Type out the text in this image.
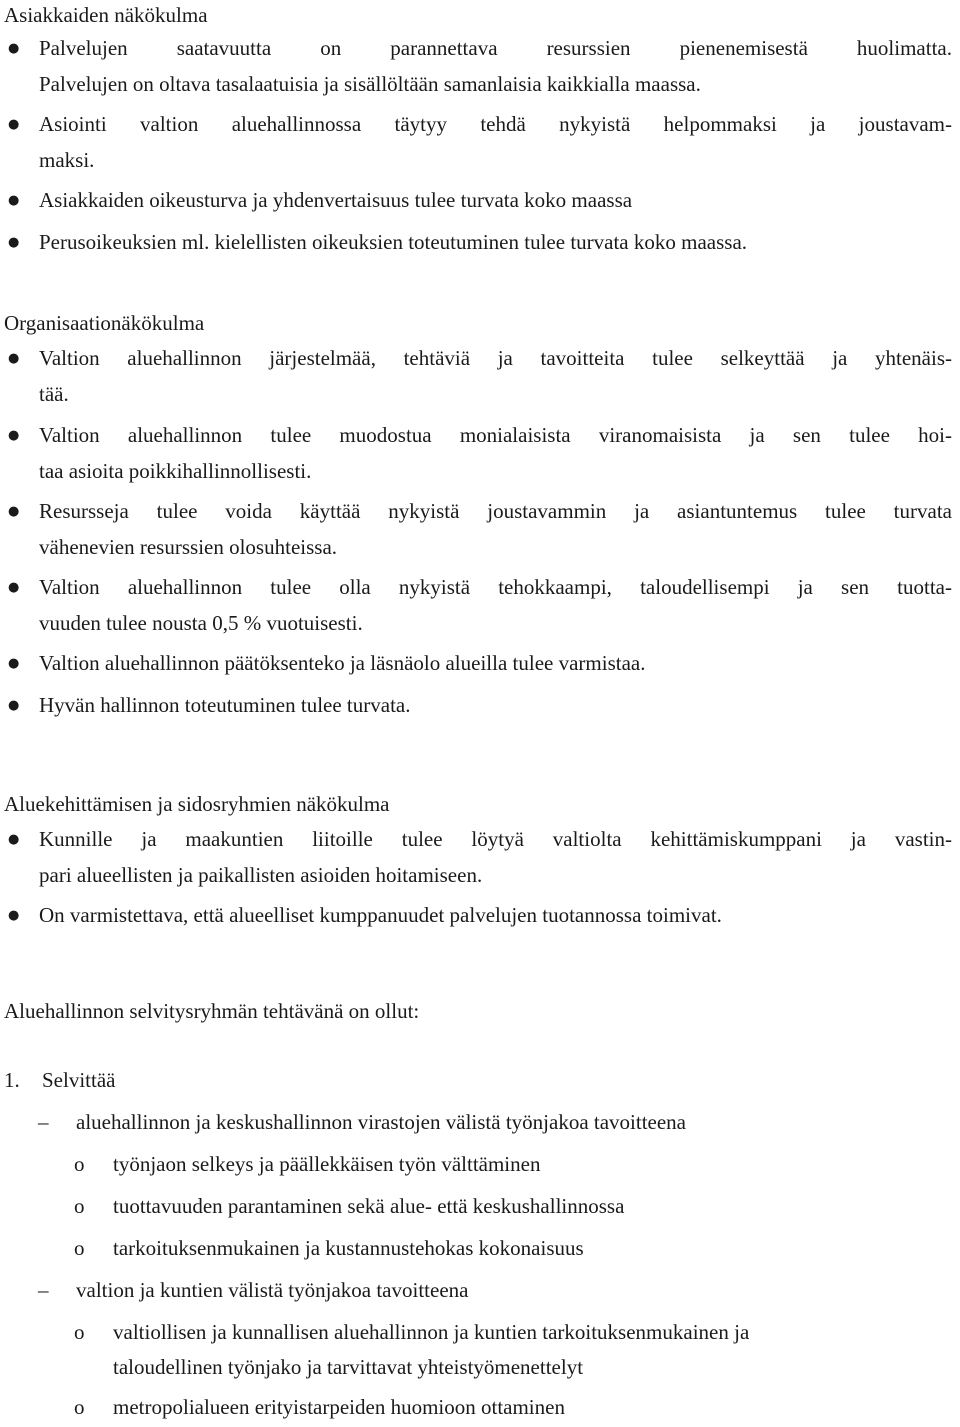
Asiakkaiden näkökulma
● Palvelujen saatavuutta on parannettava resurssien pienenemisestä huolimatta.
Palvelujen on oltava tasalaatuisia ja sisällöltään samanlaisia kaikkialla maassa.
● Asiointi valtion aluehallinnossa täytyy tehdä nykyistä helpommaksi ja joustavam-
maksi.
● Asiakkaiden oikeusturva ja yhdenvertaisuus tulee turvata koko maassa
● Perusoikeuksien ml. kielellisten oikeuksien toteutuminen tulee turvata koko maassa.
Organisaationäkökulma
● Valtion aluehallinnon järjestelmää, tehtäviä ja tavoitteita tulee selkeyttää ja yhtenäis-
tää.
● Valtion aluehallinnon tulee muodostua monialaisista viranomaisista ja sen tulee hoi-
taa asioita poikkihallinnollisesti.
● Resursseja tulee voida käyttää nykyistä joustavammin ja asiantuntemus tulee turvata
vähenevien resurssien olosuhteissa.
● Valtion aluehallinnon tulee olla nykyistä tehokkaampi, taloudellisempi ja sen tuotta-
vuuden tulee nousta 0,5 % vuotuisesti.
● Valtion aluehallinnon päätöksenteko ja läsnäolo alueilla tulee varmistaa.
● Hyvän hallinnon toteutuminen tulee turvata.
Aluekehittämisen ja sidosryhmien näkökulma
● Kunnille ja maakuntien liitoille tulee löytyä valtiolta kehittämiskumppani ja vastin-
pari alueellisten ja paikallisten asioiden hoitamiseen.
● On varmistettava, että alueelliset kumppanuudet palvelujen tuotannossa toimivat.
Aluehallinnon selvitysryhmän tehtävänä on ollut:
1. Selvittää
– aluehallinnon ja keskushallinnon virastojen välistä työnjakoa tavoitteena
o työnjaon selkeys ja päällekkäisen työn välttäminen
o tuottavuuden parantaminen sekä alue- että keskushallinnossa
o tarkoituksenmukainen ja kustannustehokas kokonaisuus
– valtion ja kuntien välistä työnjakoa tavoitteena
o valtiollisen ja kunnallisen aluehallinnon ja kuntien tarkoituksenmukainen ja
taloudellinen työnjako ja tarvittavat yhteistyömenettelyt
o metropolialueen erityistarpeiden huomioon ottaminen
